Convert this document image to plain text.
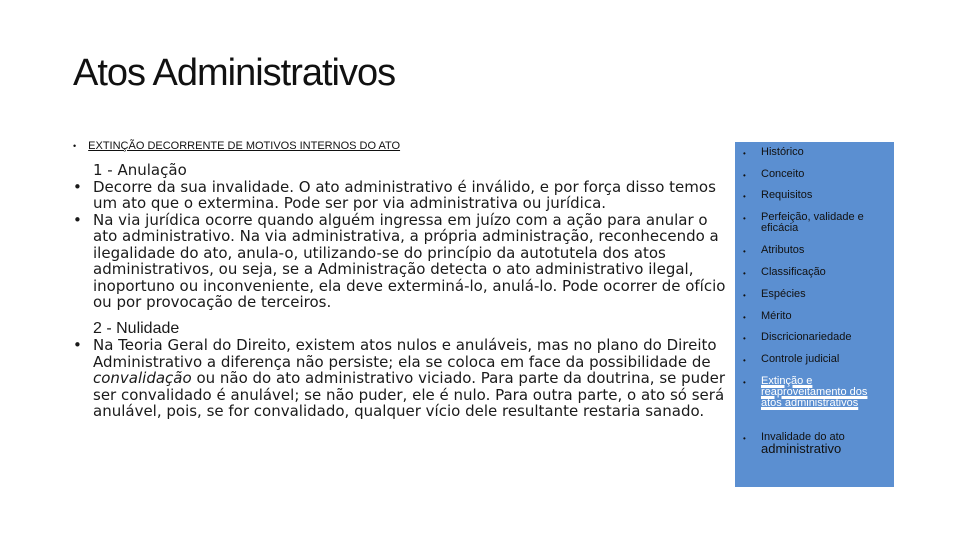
Atos Administrativos
• EXTINÇÃO DECORRENTE DE MOTIVOS INTERNOS DO ATO
1 - Anulação
• Decorre da sua invalidade. O ato administrativo é inválido, e por força disso temos um ato que o extermina. Pode ser por via administrativa ou jurídica.
• Na via jurídica ocorre quando alguém ingressa em juízo com a ação para anular o ato administrativo. Na via administrativa, a própria administração, reconhecendo a ilegalidade do ato, anula-o, utilizando-se do princípio da autotutela dos atos administrativos, ou seja, se a Administração detecta o ato administrativo ilegal, inoportuno ou inconveniente, ela deve exterminá-lo, anulá-lo. Pode ocorrer de ofício ou por provocação de terceiros.
2 - Nulidade
• Na Teoria Geral do Direito, existem atos nulos e anuláveis, mas no plano do Direito Administrativo a diferença não persiste; ela se coloca em face da possibilidade de convalidação ou não do ato administrativo viciado. Para parte da doutrina, se puder ser convalidado é anulável; se não puder, ele é nulo. Para outra parte, o ato só será anulável, pois, se for convalidado, qualquer vício dele resultante restaria sanado.
•	Histórico
•	Conceito
•	Requisitos
•	Perfeição, validade e eficácia
•	Atributos
•	Classificação
•	Espécies
•	Mérito
•	Discricionariedade
•	Controle judicial
•	Extinção e reaproveitamento dos atos administrativos
•	Invalidade do ato
administrativo
